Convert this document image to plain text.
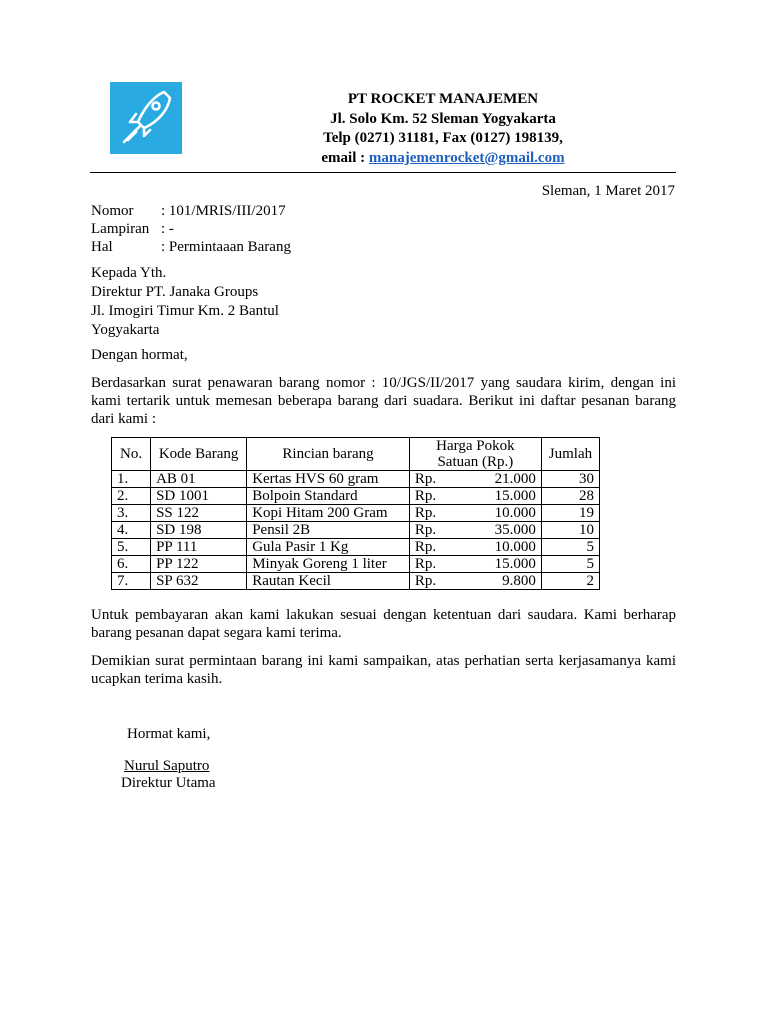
PT ROCKET MANAJEMEN
Jl. Solo Km. 52 Sleman Yogyakarta
Telp (0271) 31181, Fax (0127) 198139,
email : manajemenrocket@gmail.com
Sleman, 1 Maret 2017
Nomor	: 101/MRIS/III/2017
Lampiran : -
Hal	: Permintaaan Barang
Kepada Yth.
Direktur PT. Janaka Groups
Jl. Imogiri Timur Km. 2 Bantul
Yogyakarta
Dengan hormat,
Berdasarkan surat penawaran barang nomor : 10/JGS/II/2017 yang saudara kirim, dengan ini kami tertarik untuk memesan beberapa barang dari suadara. Berikut ini daftar pesanan barang dari kami :
No.	Kode Barang	Rincian barang	Harga Pokok Satuan (Rp.)	Jumlah
1.	AB 01	Kertas HVS 60 gram	Rp. 21.000	30
2.	SD 1001	Bolpoin Standard	Rp. 15.000	28
3.	SS 122	Kopi Hitam 200 Gram	Rp. 10.000	19
4.	SD 198	Pensil 2B	Rp. 35.000	10
5.	PP 111	Gula Pasir 1 Kg	Rp. 10.000	5
6.	PP 122	Minyak Goreng 1 liter	Rp. 15.000	5
7.	SP 632	Rautan Kecil	Rp. 9.800	2
Untuk pembayaran akan kami lakukan sesuai dengan ketentuan dari saudara. Kami berharap barang pesanan dapat segara kami terima.
Demikian surat permintaan barang ini kami sampaikan, atas perhatian serta kerjasamanya kami ucapkan terima kasih.
Hormat kami,
Nurul Saputro
Direktur Utama
